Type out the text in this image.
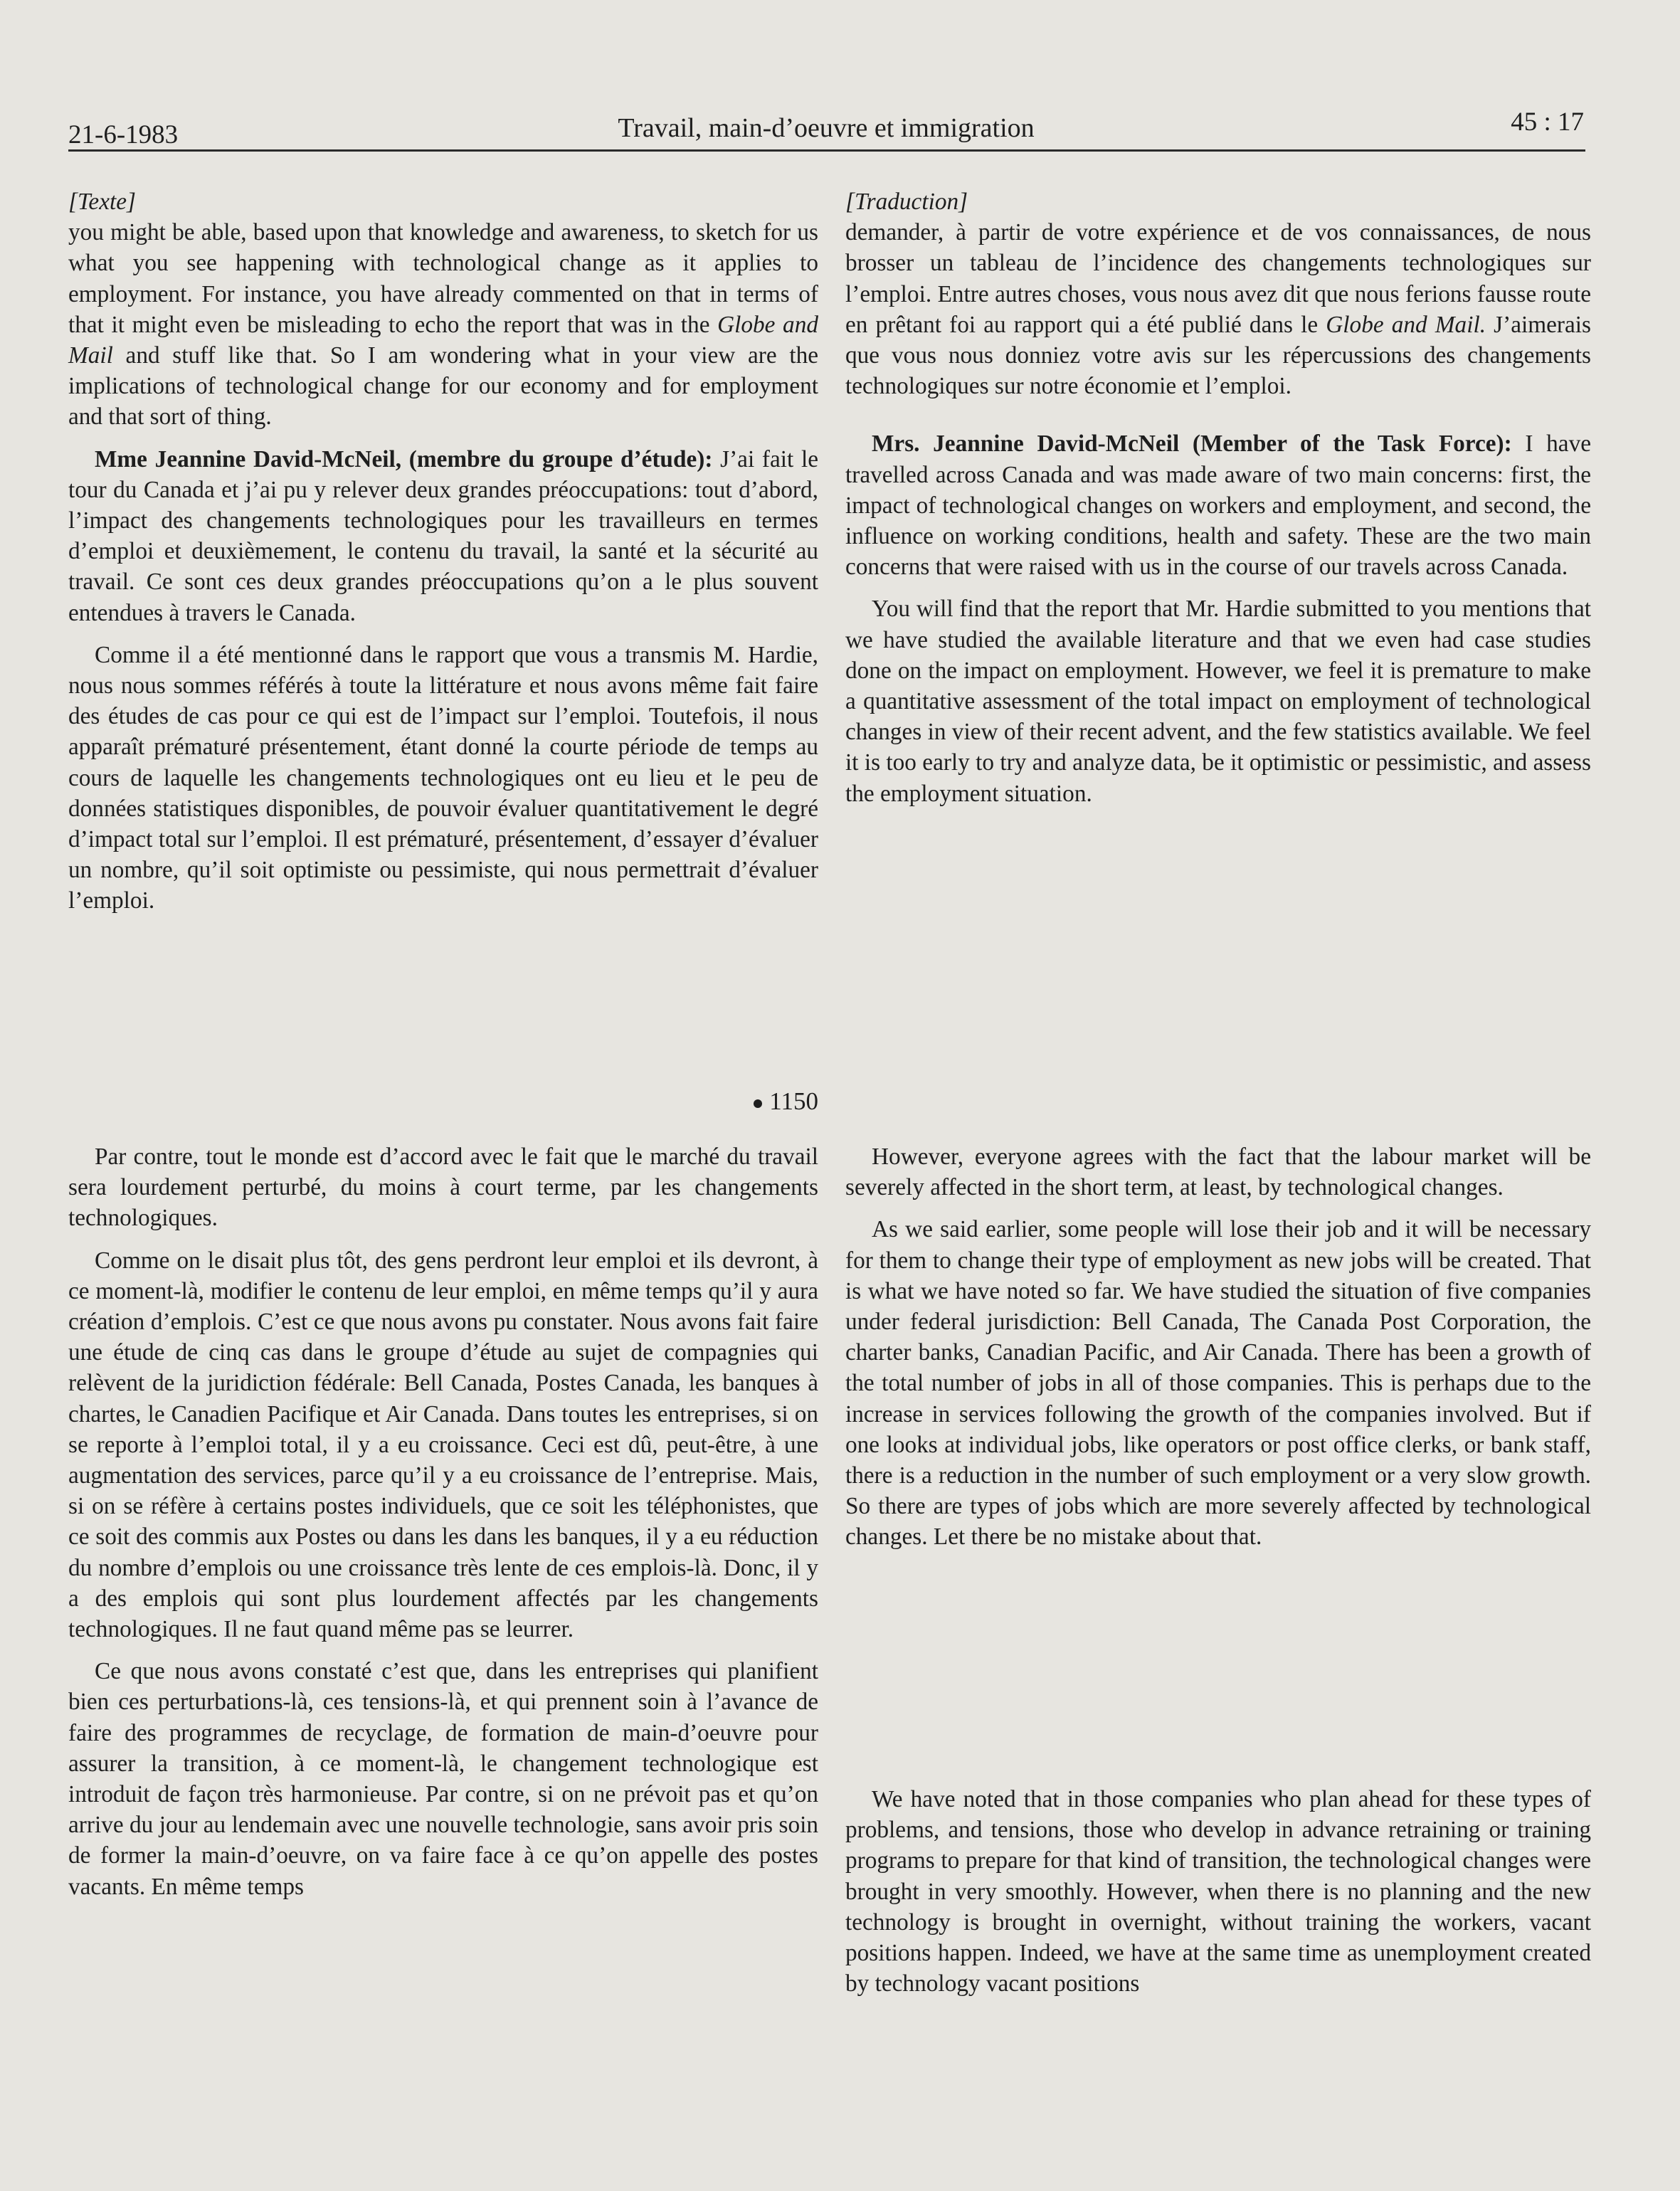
21-6-1983	Travail, main-d’oeuvre et immigration	45 : 17

[Texte]

you might be able, based upon that knowledge and awareness, to sketch for us what you see happening with technological change as it applies to employment. For instance, you have already commented on that in terms of that it might even be misleading to echo the report that was in the Globe and Mail and stuff like that. So I am wondering what in your view are the implications of technological change for our economy and for employment and that sort of thing.

Mme Jeannine David-McNeil, (membre du groupe d’étude): J’ai fait le tour du Canada et j’ai pu y relever deux grandes préoccupations: tout d’abord, l’impact des changements technologiques pour les travailleurs en termes d’emploi et deuxièmement, le contenu du travail, la santé et la sécurité au travail. Ce sont ces deux grandes préoccupations qu’on a le plus souvent entendues à travers le Canada.

Comme il a été mentionné dans le rapport que vous a transmis M. Hardie, nous nous sommes référés à toute la littérature et nous avons même fait faire des études de cas pour ce qui est de l’impact sur l’emploi. Toutefois, il nous apparaît prématuré présentement, étant donné la courte période de temps au cours de laquelle les changements technologiques ont eu lieu et le peu de données statistiques disponibles, de pouvoir évaluer quantitativement le degré d’impact total sur l’emploi. Il est prématuré, présentement, d’essayer d’évaluer un nombre, qu’il soit optimiste ou pessimiste, qui nous permettrait d’évaluer l’emploi.

1150

Par contre, tout le monde est d’accord avec le fait que le marché du travail sera lourdement perturbé, du moins à court terme, par les changements technologiques.

Comme on le disait plus tôt, des gens perdront leur emploi et ils devront, à ce moment-là, modifier le contenu de leur emploi, en même temps qu’il y aura création d’emplois. C’est ce que nous avons pu constater. Nous avons fait faire une étude de cinq cas dans le groupe d’étude au sujet de compagnies qui relèvent de la juridiction fédérale: Bell Canada, Postes Canada, les banques à chartes, le Canadien Pacifique et Air Canada. Dans toutes les entreprises, si on se reporte à l’emploi total, il y a eu croissance. Ceci est dû, peut-être, à une augmentation des services, parce qu’il y a eu croissance de l’entreprise. Mais, si on se réfère à certains postes individuels, que ce soit les téléphonistes, que ce soit des commis aux Postes ou dans les dans les banques, il y a eu réduction du nombre d’emplois ou une croissance très lente de ces emplois-là. Donc, il y a des emplois qui sont plus lourdement affectés par les changements technologiques. Il ne faut quand même pas se leurrer.

Ce que nous avons constaté c’est que, dans les entreprises qui planifient bien ces perturbations-là, ces tensions-là, et qui prennent soin à l’avance de faire des programmes de recyclage, de formation de main-d’oeuvre pour assurer la transition, à ce moment-là, le changement technologique est introduit de façon très harmonieuse. Par contre, si on ne prévoit pas et qu’on arrive du jour au lendemain avec une nouvelle technologie, sans avoir pris soin de former la main-d’oeuvre, on va faire face à ce qu’on appelle des postes vacants. En même temps

[Traduction]

demander, à partir de votre expérience et de vos connaissances, de nous brosser un tableau de l’incidence des changements technologiques sur l’emploi. Entre autres choses, vous nous avez dit que nous ferions fausse route en prêtant foi au rapport qui a été publié dans le Globe and Mail. J’aimerais que vous nous donniez votre avis sur les répercussions des changements technologiques sur notre économie et l’emploi.

Mrs. Jeannine David-McNeil (Member of the Task Force): I have travelled across Canada and was made aware of two main concerns: first, the impact of technological changes on workers and employment, and second, the influence on working conditions, health and safety. These are the two main concerns that were raised with us in the course of our travels across Canada.

You will find that the report that Mr. Hardie submitted to you mentions that we have studied the available literature and that we even had case studies done on the impact on employment. However, we feel it is premature to make a quantitative assessment of the total impact on employment of technological changes in view of their recent advent, and the few statistics available. We feel it is too early to try and analyze data, be it optimistic or pessimistic, and assess the employment situation.

However, everyone agrees with the fact that the labour market will be severely affected in the short term, at least, by technological changes.

As we said earlier, some people will lose their job and it will be necessary for them to change their type of employment as new jobs will be created. That is what we have noted so far. We have studied the situation of five companies under federal jurisdiction: Bell Canada, The Canada Post Corporation, the charter banks, Canadian Pacific, and Air Canada. There has been a growth of the total number of jobs in all of those companies. This is perhaps due to the increase in services following the growth of the companies involved. But if one looks at individual jobs, like operators or post office clerks, or bank staff, there is a reduction in the number of such employment or a very slow growth. So there are types of jobs which are more severely affected by technological changes. Let there be no mistake about that.

We have noted that in those companies who plan ahead for these types of problems, and tensions, those who develop in advance retraining or training programs to prepare for that kind of transition, the technological changes were brought in very smoothly. However, when there is no planning and the new technology is brought in overnight, without training the workers, vacant positions happen. Indeed, we have at the same time as unemployment created by technology vacant positions
